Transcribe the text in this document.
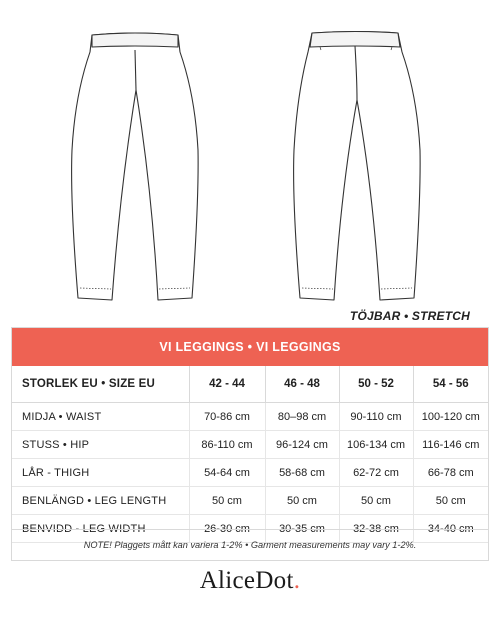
TÖJBAR • STRETCH
VI LEGGINGS • VI LEGGINGS
STORLEK EU • SIZE EU	42 - 44	46 - 48	50 - 52	54 - 56
MIDJA • WAIST	70-86 cm	80–98 cm	90-110 cm	100-120 cm
STUSS • HIP	86-110 cm	96-124 cm	106-134 cm	116-146 cm
LÅR - THIGH	54-64 cm	58-68 cm	62-72 cm	66-78 cm
BENLÄNGD • LEG LENGTH	50 cm	50 cm	50 cm	50 cm
BENVIDD - LEG WIDTH	26-30 cm	30-35 cm	32-38 cm	34-40 cm
NOTE! Plaggets mått kan variera 1-2% • Garment measurements may vary 1-2%.
AliceDot.
